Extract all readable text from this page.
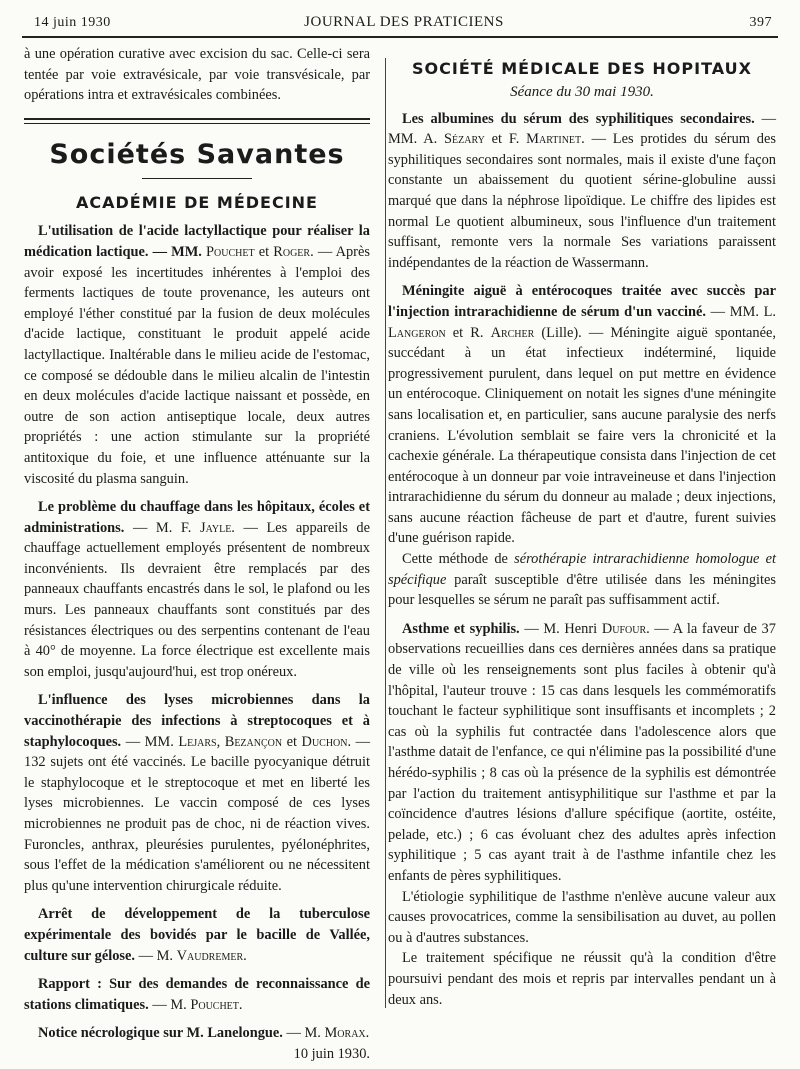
14 juin 1930	JOURNAL DES PRATICIENS	397

à une opération curative avec excision du sac. Celle-ci sera tentée par voie extravésicale, par voie transvésicale, par opérations intra et extravésicales combinées.

Sociétés Savantes
ACADÉMIE DE MÉDECINE

L'utilisation de l'acide lactyllactique pour réaliser la médication lactique. — MM. Pouchet et Roger. — Après avoir exposé les incertitudes inhérentes à l'emploi des ferments lactiques de toute provenance, les auteurs ont employé l'éther constitué par la fusion de deux molécules d'acide lactique, constituant le produit appelé acide lactyllactique. Inaltérable dans le milieu acide de l'estomac, ce composé se dédouble dans le milieu alcalin de l'intestin en deux molécules d'acide lactique naissant et possède, en outre de son action antiseptique locale, deux autres propriétés : une action stimulante sur la propriété antitoxique du foie, et une influence atténuante sur la viscosité du plasma sanguin.

Le problème du chauffage dans les hôpitaux, écoles et administrations. — M. F. Jayle. — Les appareils de chauffage actuellement employés présentent de nombreux inconvénients. Ils devraient être remplacés par des panneaux chauffants encastrés dans le sol, le plafond ou les murs. Les panneaux chauffants sont constitués par des résistances électriques ou des serpentins contenant de l'eau à 40° de moyenne. La force électrique est excellente mais son emploi, jusqu'aujourd'hui, est trop onéreux.

L'influence des lyses microbiennes dans la vaccinothérapie des infections à streptocoques et à staphylocoques. — MM. Lejars, Bezançon et Duchon. — 132 sujets ont été vaccinés. Le bacille pyocyanique détruit le staphylocoque et le streptocoque et met en liberté les lyses microbiennes. Le vaccin composé de ces lyses microbiennes ne produit pas de choc, ni de réaction vives. Furoncles, anthrax, pleurésies purulentes, pyélonéphrites, sous l'effet de la médication s'améliorent ou ne nécessitent plus qu'une intervention chirurgicale réduite.

Arrêt de développement de la tuberculose expérimentale des bovidés par le bacille de Vallée, culture sur gélose. — M. Vaudremer.

Rapport : Sur des demandes de reconnaissance de stations climatiques. — M. Pouchet.

Notice nécrologique sur M. Lanelongue. — M. Morax.

10 juin 1930.

SOCIÉTÉ MÉDICALE DES HOPITAUX
Séance du 30 mai 1930.

Les albumines du sérum des syphilitiques secondaires. — MM. A. Sézary et F. Martinet. — Les protides du sérum des syphilitiques secondaires sont normales, mais il existe d'une façon constante un abaissement du quotient sérine-globuline aussi marqué que dans la néphrose lipoïdique. Le chiffre des lipides est normal Le quotient albumineux, sous l'influence d'un traitement suffisant, remonte vers la normale Ses variations paraissent indépendantes de la réaction de Wassermann.

Méningite aiguë à entérocoques traitée avec succès par l'injection intrarachidienne de sérum d'un vacciné. — MM. L. Langeron et R. Archer (Lille). — Méningite aiguë spontanée, succédant à un état infectieux indéterminé, liquide progressivement purulent, dans lequel on put mettre en évidence un entérocoque. Cliniquement on notait les signes d'une méningite sans localisation et, en particulier, sans aucune paralysie des nerfs craniens. L'évolution semblait se faire vers la chronicité et la cachexie générale. La thérapeutique consista dans l'injection de cet entérocoque à un donneur par voie intraveineuse et dans l'injection intrarachidienne du sérum du donneur au malade ; deux injections, sans aucune réaction fâcheuse de part et d'autre, furent suivies d'une guérison rapide.

Cette méthode de sérothérapie intrarachidienne homologue et spécifique paraît susceptible d'être utilisée dans les méningites pour lesquelles se sérum ne paraît pas suffisamment actif.

Asthme et syphilis. — M. Henri Dufour. — A la faveur de 37 observations recueillies dans ces dernières années dans sa pratique de ville où les renseignements sont plus faciles à obtenir qu'à l'hôpital, l'auteur trouve : 15 cas dans lesquels les commémoratifs touchant le facteur syphilitique sont insuffisants et incomplets ; 2 cas où la syphilis fut contractée dans l'adolescence alors que l'asthme datait de l'enfance, ce qui n'élimine pas la possibilité d'une hérédo-syphilis ; 8 cas où la présence de la syphilis est démontrée par l'action du traitement antisyphilitique sur l'asthme et par la coïncidence d'autres lésions d'allure spécifique (aortite, ostéite, pelade, etc.) ; 6 cas évoluant chez des adultes après infection syphilitique ; 5 cas ayant trait à de l'asthme infantile chez les enfants de pères syphilitiques.

L'étiologie syphilitique de l'asthme n'enlève aucune valeur aux causes provocatrices, comme la sensibilisation au duvet, au pollen ou à d'autres substances.

Le traitement spécifique ne réussit qu'à la condition d'être poursuivi pendant des mois et repris par intervalles pendant un à deux ans.
